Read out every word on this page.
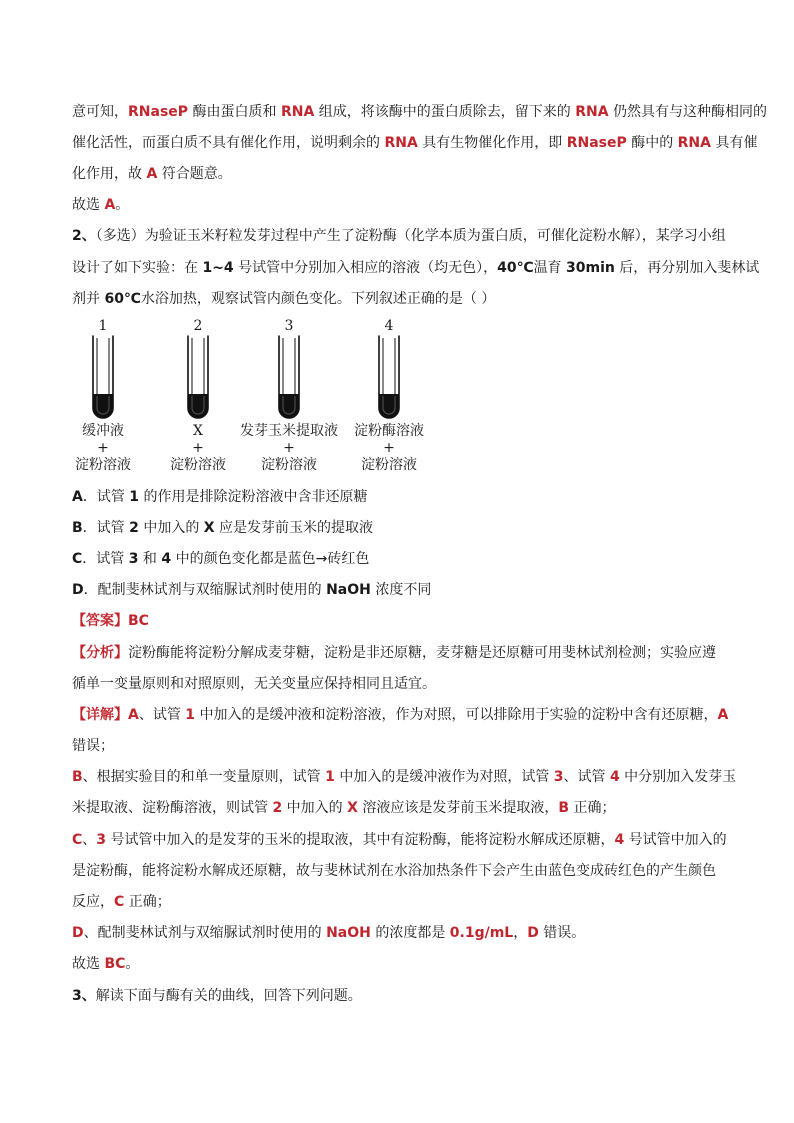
意可知，RNaseP 酶由蛋白质和 RNA 组成，将该酶中的蛋白质除去，留下来的 RNA 仍然具有与这种酶相同的
催化活性，而蛋白质不具有催化作用，说明剩余的 RNA 具有生物催化作用，即 RNaseP 酶中的 RNA 具有催
化作用，故 A 符合题意。
故选 A。
2、（多选）为验证玉米籽粒发芽过程中产生了淀粉酶（化学本质为蛋白质，可催化淀粉水解），某学习小组
设计了如下实验：在 1~4 号试管中分别加入相应的溶液（均无色），40℃温育 30min 后，再分别加入斐林试
剂并 60℃水浴加热，观察试管内颜色变化。下列叙述正确的是（ ）
1	2	3	4
缓冲液
+
淀粉溶液
X
+
淀粉溶液
发芽玉米提取液
+
淀粉溶液
淀粉酶溶液
+
淀粉溶液
A．试管 1 的作用是排除淀粉溶液中含非还原糖
B．试管 2 中加入的 X 应是发芽前玉米的提取液
C．试管 3 和 4 中的颜色变化都是蓝色→砖红色
D．配制斐林试剂与双缩脲试剂时使用的 NaOH 浓度不同
【答案】BC
【分析】淀粉酶能将淀粉分解成麦芽糖，淀粉是非还原糖，麦芽糖是还原糖可用斐林试剂检测；实验应遵
循单一变量原则和对照原则，无关变量应保持相同且适宜。
【详解】A、试管 1 中加入的是缓冲液和淀粉溶液，作为对照，可以排除用于实验的淀粉中含有还原糖，A
错误；
B、根据实验目的和单一变量原则，试管 1 中加入的是缓冲液作为对照，试管 3、试管 4 中分别加入发芽玉
米提取液、淀粉酶溶液，则试管 2 中加入的 X 溶液应该是发芽前玉米提取液，B 正确；
C、3 号试管中加入的是发芽的玉米的提取液，其中有淀粉酶，能将淀粉水解成还原糖，4 号试管中加入的
是淀粉酶，能将淀粉水解成还原糖，故与斐林试剂在水浴加热条件下会产生由蓝色变成砖红色的产生颜色
反应，C 正确；
D、配制斐林试剂与双缩脲试剂时使用的 NaOH 的浓度都是 0.1g/mL，D 错误。
故选 BC。
3、解读下面与酶有关的曲线，回答下列问题。
